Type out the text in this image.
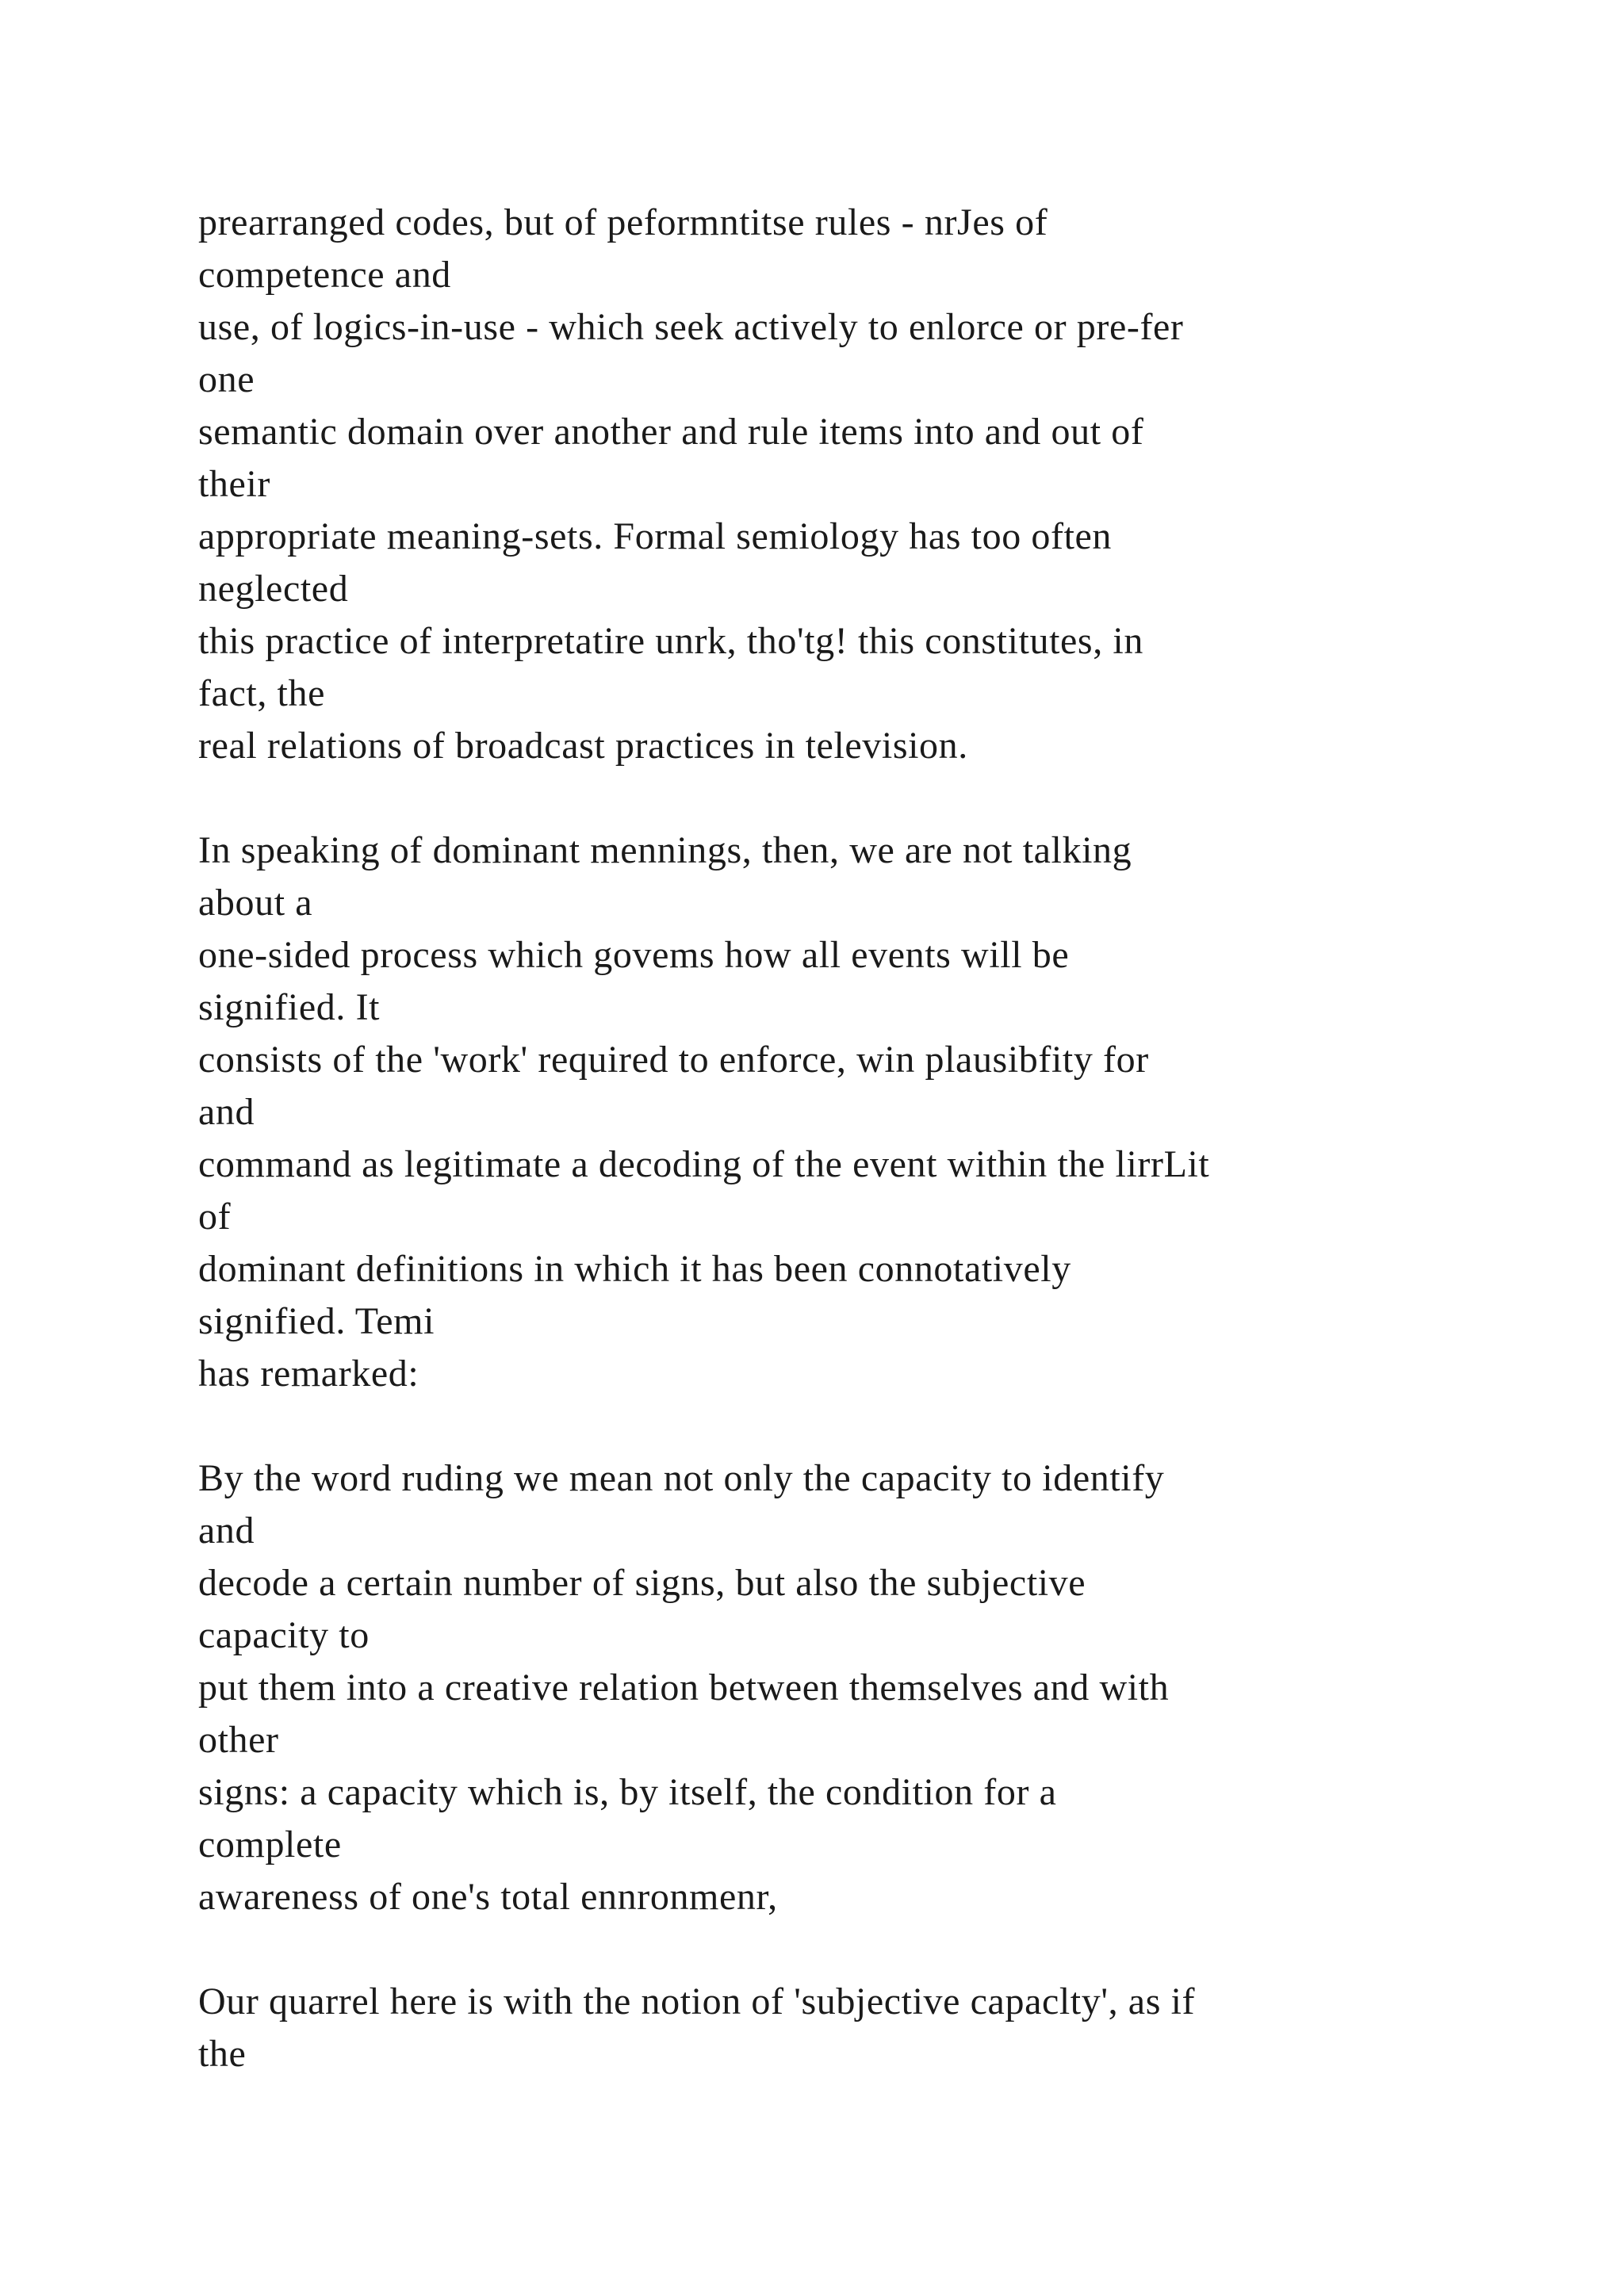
prearranged codes, but of peformntitse rules - nrJes of
competence and
use, of logics-in-use - which seek actively to enlorce or pre-fer
one
semantic domain over another and rule items into and out of
their
appropriate meaning-sets. Formal semiology has too often
neglected
this practice of interpretatire unrk, tho'tg! this constitutes, in
fact, the
real relations of broadcast practices in television.
In speaking of dominant mennings, then, we are not talking
about a
one-sided process which govems how all events will be
signified. It
consists of the 'work' required to enforce, win plausibfity for
and
command as legitimate a decoding of the event within the lirrLit
of
dominant definitions in which it has been connotatively
signified. Temi
has remarked:
By the word ruding we mean not only the capacity to identify
and
decode a certain number of signs, but also the subjective
capacity to
put them into a creative relation between themselves and with
other
signs: a capacity which is, by itself, the condition for a
complete
awareness of one's total ennronmenr,
Our quarrel here is with the notion of 'subjective capaclty', as if
the
